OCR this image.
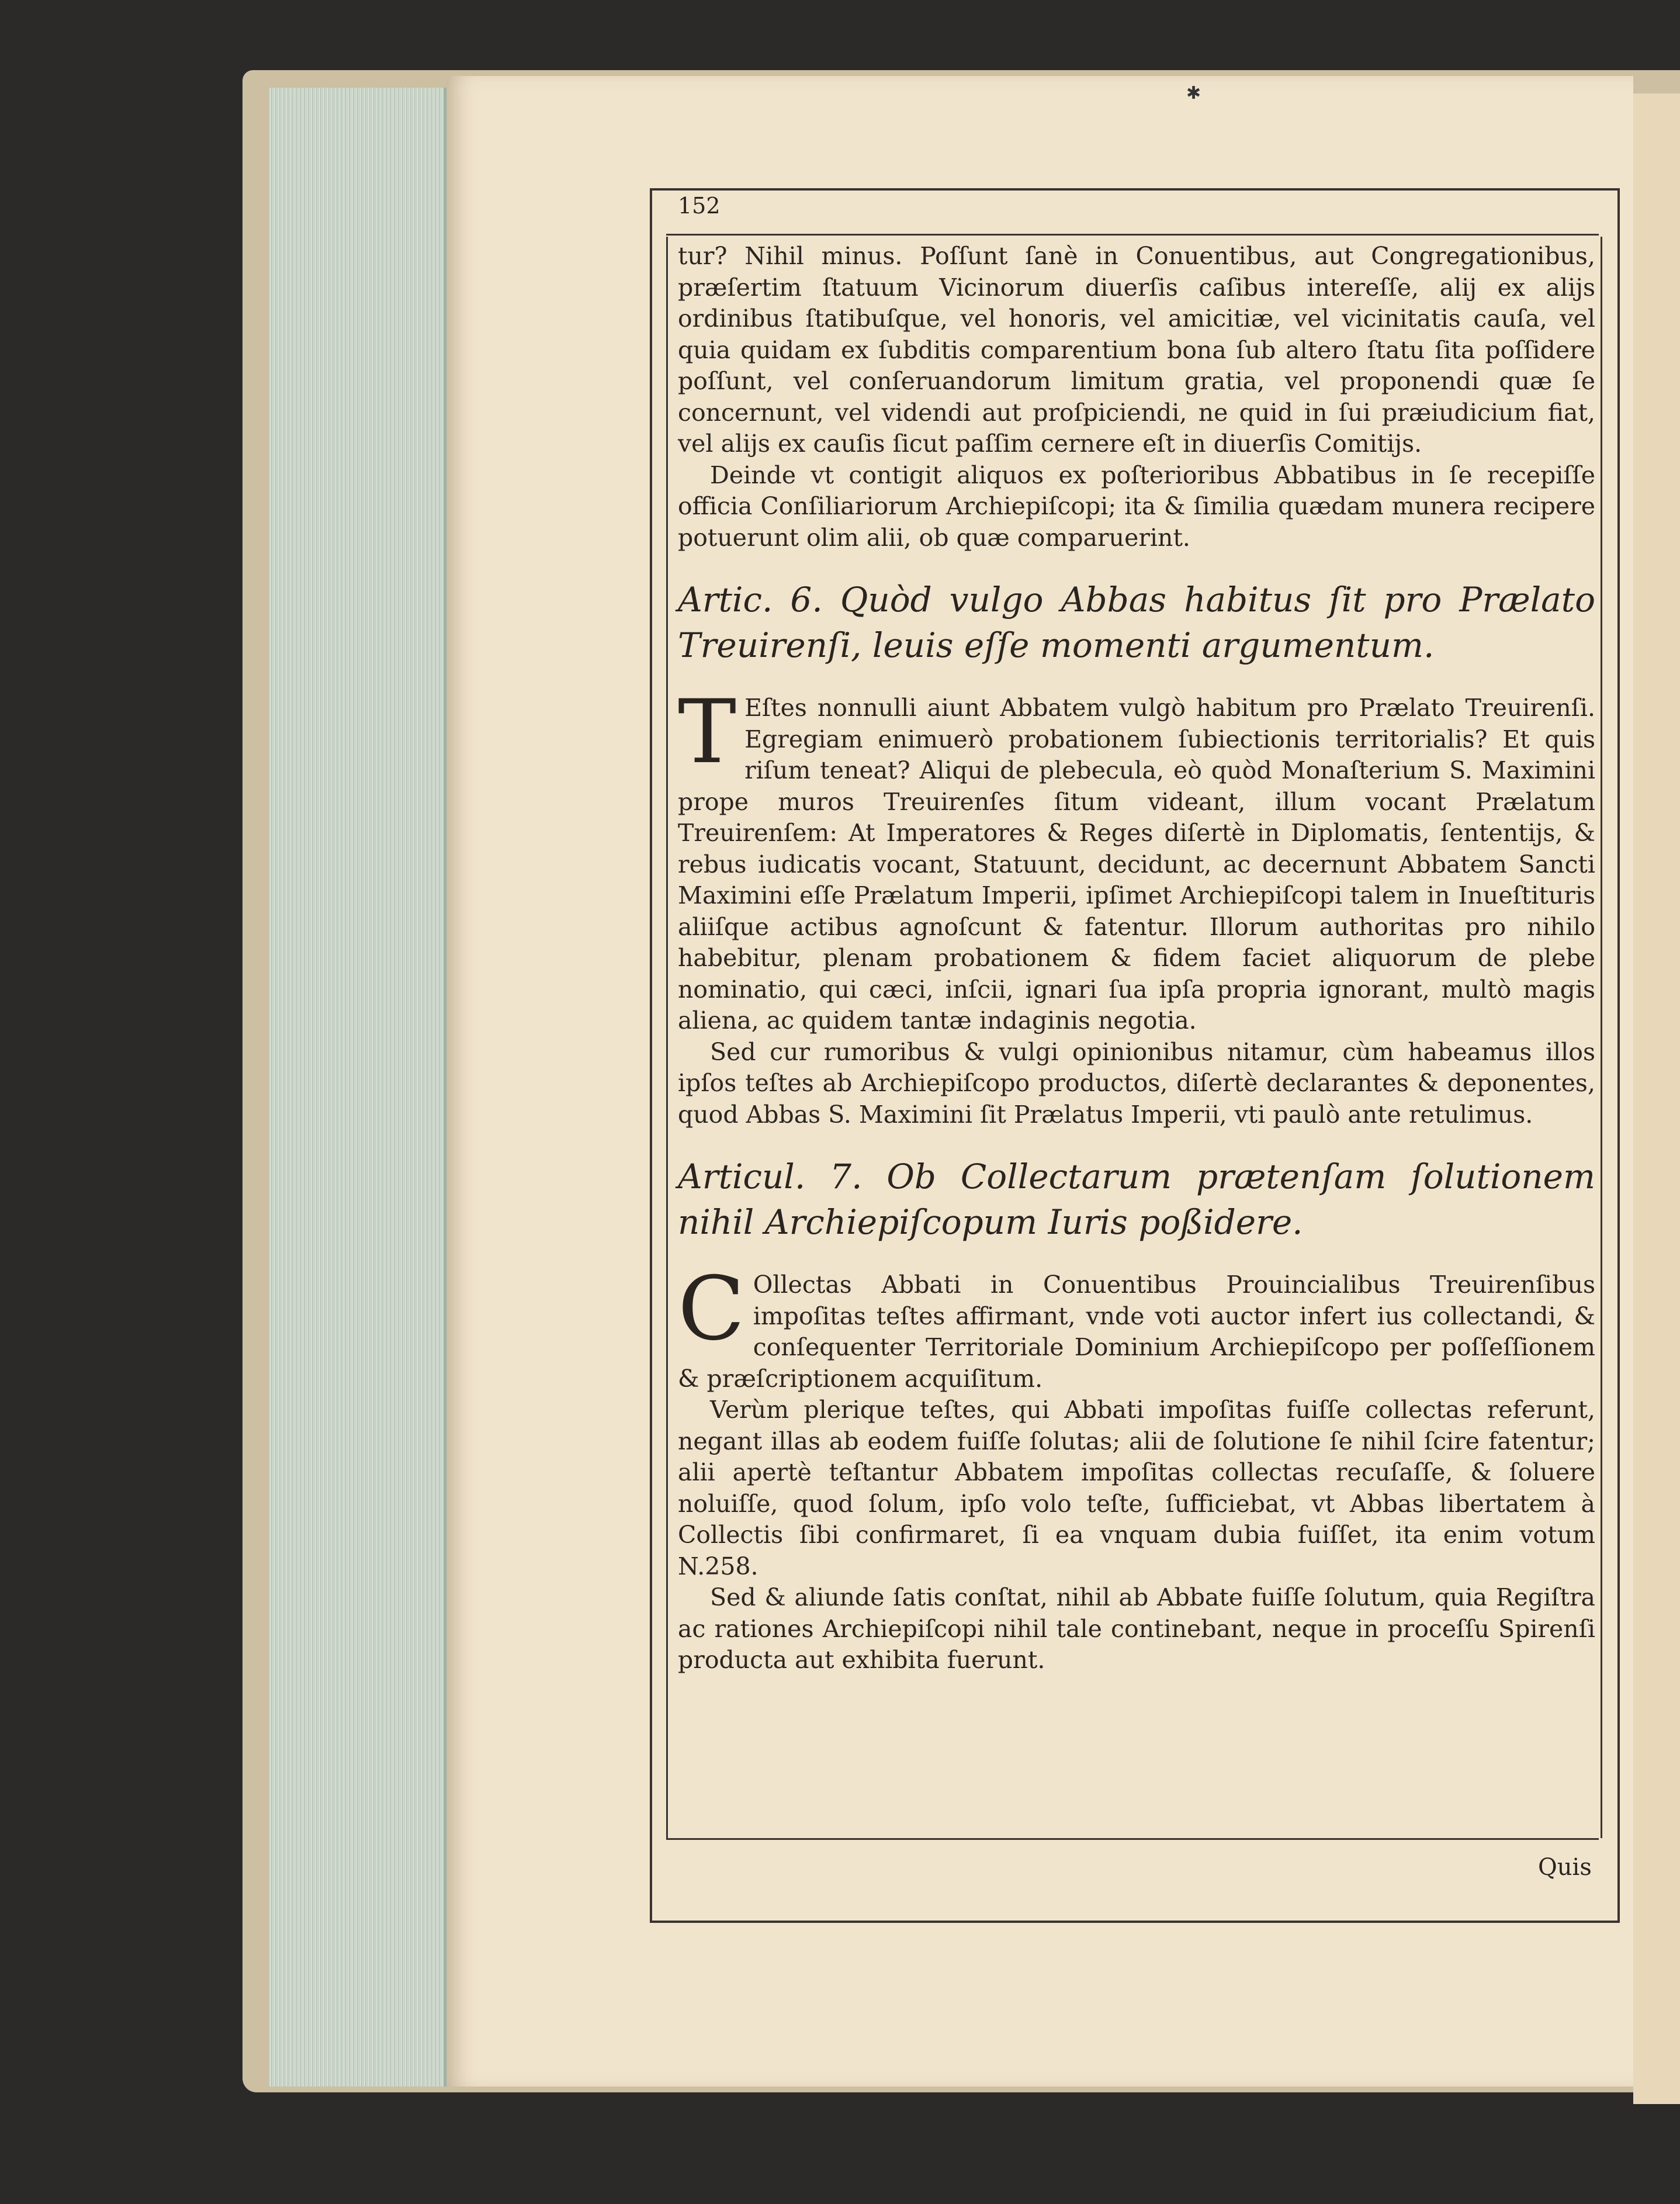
✱
152

tur? Nihil minus. Poſſunt ſanè in Conuentibus, aut Congregationibus, præſertim ſtatuum Vicinorum diuerſis caſibus intereſſe, alij ex alijs ordinibus ſtatibuſque, vel honoris, vel amicitiæ, vel vicinitatis cauſa, vel quia quidam ex ſubditis comparentium bona ſub altero ſtatu ſita poſſidere poſſunt, vel conſeruandorum limitum gratia, vel proponendi quæ ſe concernunt, vel videndi aut proſpiciendi, ne quid in ſui præiudicium fiat, vel alijs ex cauſis ſicut paſſim cernere eſt in diuerſis Comitijs.

Deinde vt contigit aliquos ex poſterioribus Abbatibus in ſe recepiſſe officia Conſiliariorum Archiepiſcopi; ita & ſimilia quædam munera recipere potuerunt olim alii, ob quæ comparuerint.

Artic. 6. Quòd vulgo Abbas habitus ſit pro Prælato Treuirenſi, leuis eſſe momenti argumentum.

T Eſtes nonnulli aiunt Abbatem vulgò habitum pro Prælato Treuirenſi. Egregiam enimuerò probationem ſubiectionis territorialis? Et quis riſum teneat? Aliqui de plebecula, eò quòd Monaſterium S. Maximini prope muros Treuirenſes ſitum videant, illum vocant Prælatum Treuirenſem: At Imperatores & Reges diſertè in Diplomatis, ſententijs, & rebus iudicatis vocant, Statuunt, decidunt, ac decernunt Abbatem Sancti Maximini eſſe Prælatum Imperii, ipſimet Archiepiſcopi talem in Inueſtituris aliiſque actibus agnoſcunt & fatentur. Illorum authoritas pro nihilo habebitur, plenam probationem & fidem faciet aliquorum de plebe nominatio, qui cæci, inſcii, ignari ſua ipſa propria ignorant, multò magis aliena, ac quidem tantæ indaginis negotia.

Sed cur rumoribus & vulgi opinionibus nitamur, cùm habeamus illos ipſos teſtes ab Archiepiſcopo productos, diſertè declarantes & deponentes, quod Abbas S. Maximini ſit Prælatus Imperii, vti paulò ante retulimus.

Articul. 7. Ob Collectarum prætenſam ſolutionem nihil Archiepiſcopum Iuris poßidere.

C Ollectas Abbati in Conuentibus Prouincialibus Treuirenſibus impoſitas teſtes affirmant, vnde voti auctor infert ius collectandi, & conſequenter Territoriale Dominium Archiepiſcopo per poſſeſſionem & præſcriptionem acquiſitum.

Verùm plerique teſtes, qui Abbati impoſitas fuiſſe collectas referunt, negant illas ab eodem fuiſſe ſolutas; alii de ſolutione ſe nihil ſcire fatentur; alii apertè teſtantur Abbatem impoſitas collectas recuſaſſe, & ſoluere noluiſſe, quod ſolum, ipſo volo teſte, ſufficiebat, vt Abbas libertatem à Collectis ſibi confirmaret, ſi ea vnquam dubia fuiſſet, ita enim votum N.258.

Sed & aliunde ſatis conſtat, nihil ab Abbate fuiſſe ſolutum, quia Regiſtra ac rationes Archiepiſcopi nihil tale continebant, neque in proceſſu Spirenſi producta aut exhibita fuerunt.

Quis
